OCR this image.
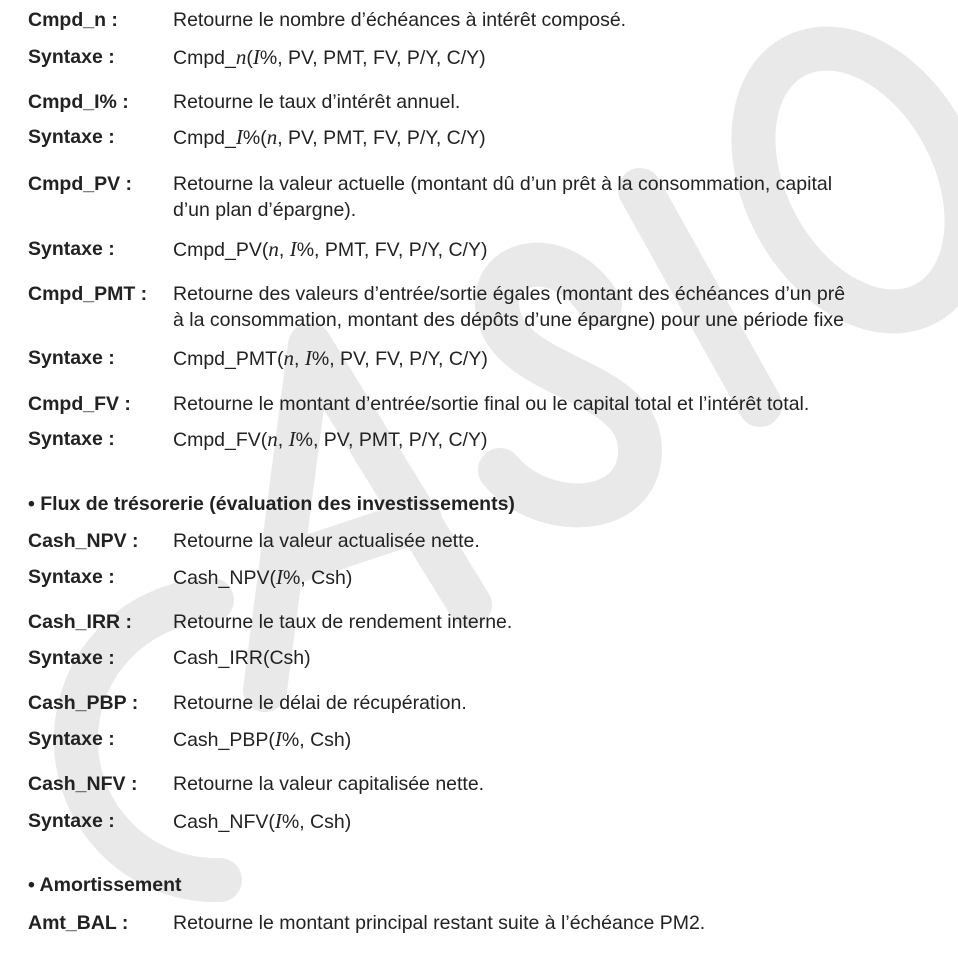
Cmpd_n :	Retourne le nombre d’échéances à intérêt composé.
Syntaxe :	Cmpd_n(I%, PV, PMT, FV, P/Y, C/Y)
Cmpd_I% :	Retourne le taux d’intérêt annuel.
Syntaxe :	Cmpd_I%(n, PV, PMT, FV, P/Y, C/Y)
Cmpd_PV :	Retourne la valeur actuelle (montant dû d’un prêt à la consommation, capital
d’un plan d’épargne).
Syntaxe :	Cmpd_PV(n, I%, PMT, FV, P/Y, C/Y)
Cmpd_PMT :	Retourne des valeurs d’entrée/sortie égales (montant des échéances d’un prê
à la consommation, montant des dépôts d’une épargne) pour une période fixe
Syntaxe :	Cmpd_PMT(n, I%, PV, FV, P/Y, C/Y)
Cmpd_FV :	Retourne le montant d’entrée/sortie final ou le capital total et l’intérêt total.
Syntaxe :	Cmpd_FV(n, I%, PV, PMT, P/Y, C/Y)
• Flux de trésorerie (évaluation des investissements)
Cash_NPV :	Retourne la valeur actualisée nette.
Syntaxe :	Cash_NPV(I%, Csh)
Cash_IRR :	Retourne le taux de rendement interne.
Syntaxe :	Cash_IRR(Csh)
Cash_PBP :	Retourne le délai de récupération.
Syntaxe :	Cash_PBP(I%, Csh)
Cash_NFV :	Retourne la valeur capitalisée nette.
Syntaxe :	Cash_NFV(I%, Csh)
• Amortissement
Amt_BAL :	Retourne le montant principal restant suite à l’échéance PM2.
